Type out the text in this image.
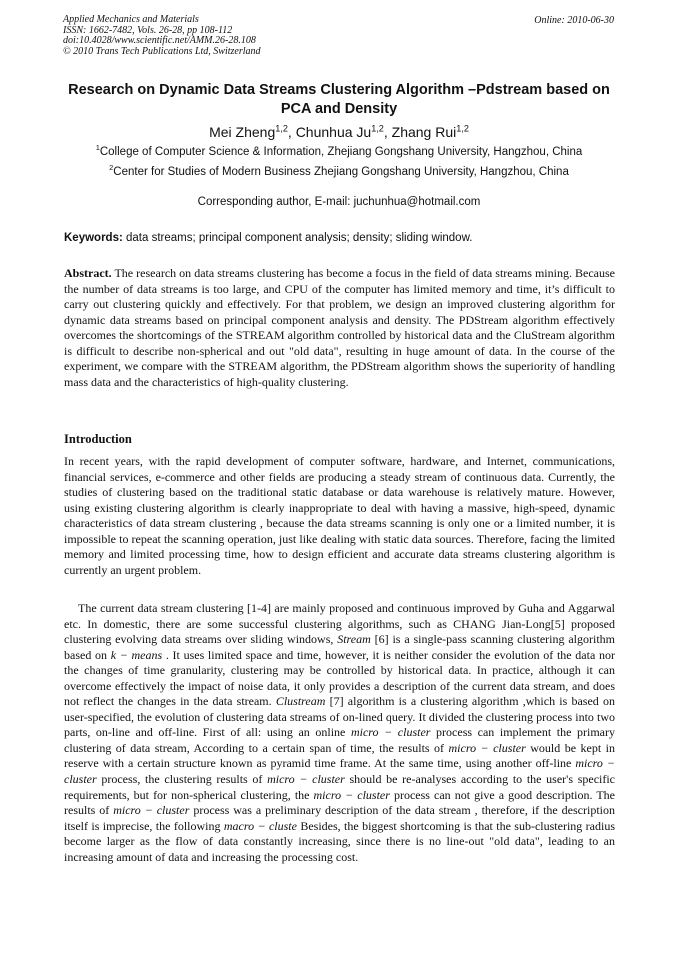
Applied Mechanics and Materials
ISSN: 1662-7482, Vols. 26-28, pp 108-112
doi:10.4028/www.scientific.net/AMM.26-28.108
© 2010 Trans Tech Publications Ltd, Switzerland
Online: 2010-06-30
Research on Dynamic Data Streams Clustering Algorithm –Pdstream based on PCA and Density
Mei Zheng$^{1,2}$, Chunhua Ju$^{1,2}$, Zhang Rui$^{1,2}$
$^1$College of Computer Science & Information, Zhejiang Gongshang University, Hangzhou, China
$^2$Center for Studies of Modern Business Zhejiang Gongshang University, Hangzhou, China
Corresponding author, E-mail: juchunhua@hotmail.com
Keywords: data streams; principal component analysis; density; sliding window.
Abstract. The research on data streams clustering has become a focus in the field of data streams mining. Because the number of data streams is too large, and CPU of the computer has limited memory and time, it’s difficult to carry out clustering quickly and effectively. For that problem, we design an improved clustering algorithm for dynamic data streams based on principal component analysis and density. The PDStream algorithm effectively overcomes the shortcomings of the STREAM algorithm controlled by historical data and the CluStream algorithm is difficult to describe non-spherical and out "old data", resulting in huge amount of data. In the course of the experiment, we compare with the STREAM algorithm, the PDStream algorithm shows the superiority of handling mass data and the characteristics of high-quality clustering.
Introduction
In recent years, with the rapid development of computer software, hardware, and Internet, communications, financial services, e-commerce and other fields are producing a steady stream of continuous data. Currently, the studies of clustering based on the traditional static database or data warehouse is relatively mature. However, using existing clustering algorithm is clearly inappropriate to deal with having a massive, high-speed, dynamic characteristics of data stream clustering , because the data streams scanning is only one or a limited number, it is impossible to repeat the scanning operation, just like dealing with static data sources. Therefore, facing the limited memory and limited processing time, how to design efficient and accurate data streams clustering algorithm is currently an urgent problem.
The current data stream clustering [1-4] are mainly proposed and continuous improved by Guha and Aggarwal etc. In domestic, there are some successful clustering algorithms, such as CHANG Jian-Long[5] proposed clustering evolving data streams over sliding windows, Stream [6] is a single-pass scanning clustering algorithm based on k − means . It uses limited space and time, however, it is neither consider the evolution of the data nor the changes of time granularity, clustering may be controlled by historical data. In practice, although it can overcome effectively the impact of noise data, it only provides a description of the current data stream, and does not reflect the changes in the data stream. Clustream [7] algorithm is a clustering algorithm ,which is based on user-specified, the evolution of clustering data streams of on-lined query. It divided the clustering process into two parts, on-line and off-line. First of all: using an online micro − cluster process can implement the primary clustering of data stream, According to a certain span of time, the results of micro − cluster would be kept in reserve with a certain structure known as pyramid time frame. At the same time, using another off-line micro − cluster process, the clustering results of micro − cluster should be re-analyses according to the user's specific requirements, but for non-spherical clustering, the micro − cluster process can not give a good description. The results of micro − cluster process was a preliminary description of the data stream , therefore, if the description itself is imprecise, the following macro − cluste Besides, the biggest shortcoming is that the sub-clustering radius become larger as the flow of data constantly increasing, since there is no line-out "old data", leading to an increasing amount of data and increasing the processing cost.
